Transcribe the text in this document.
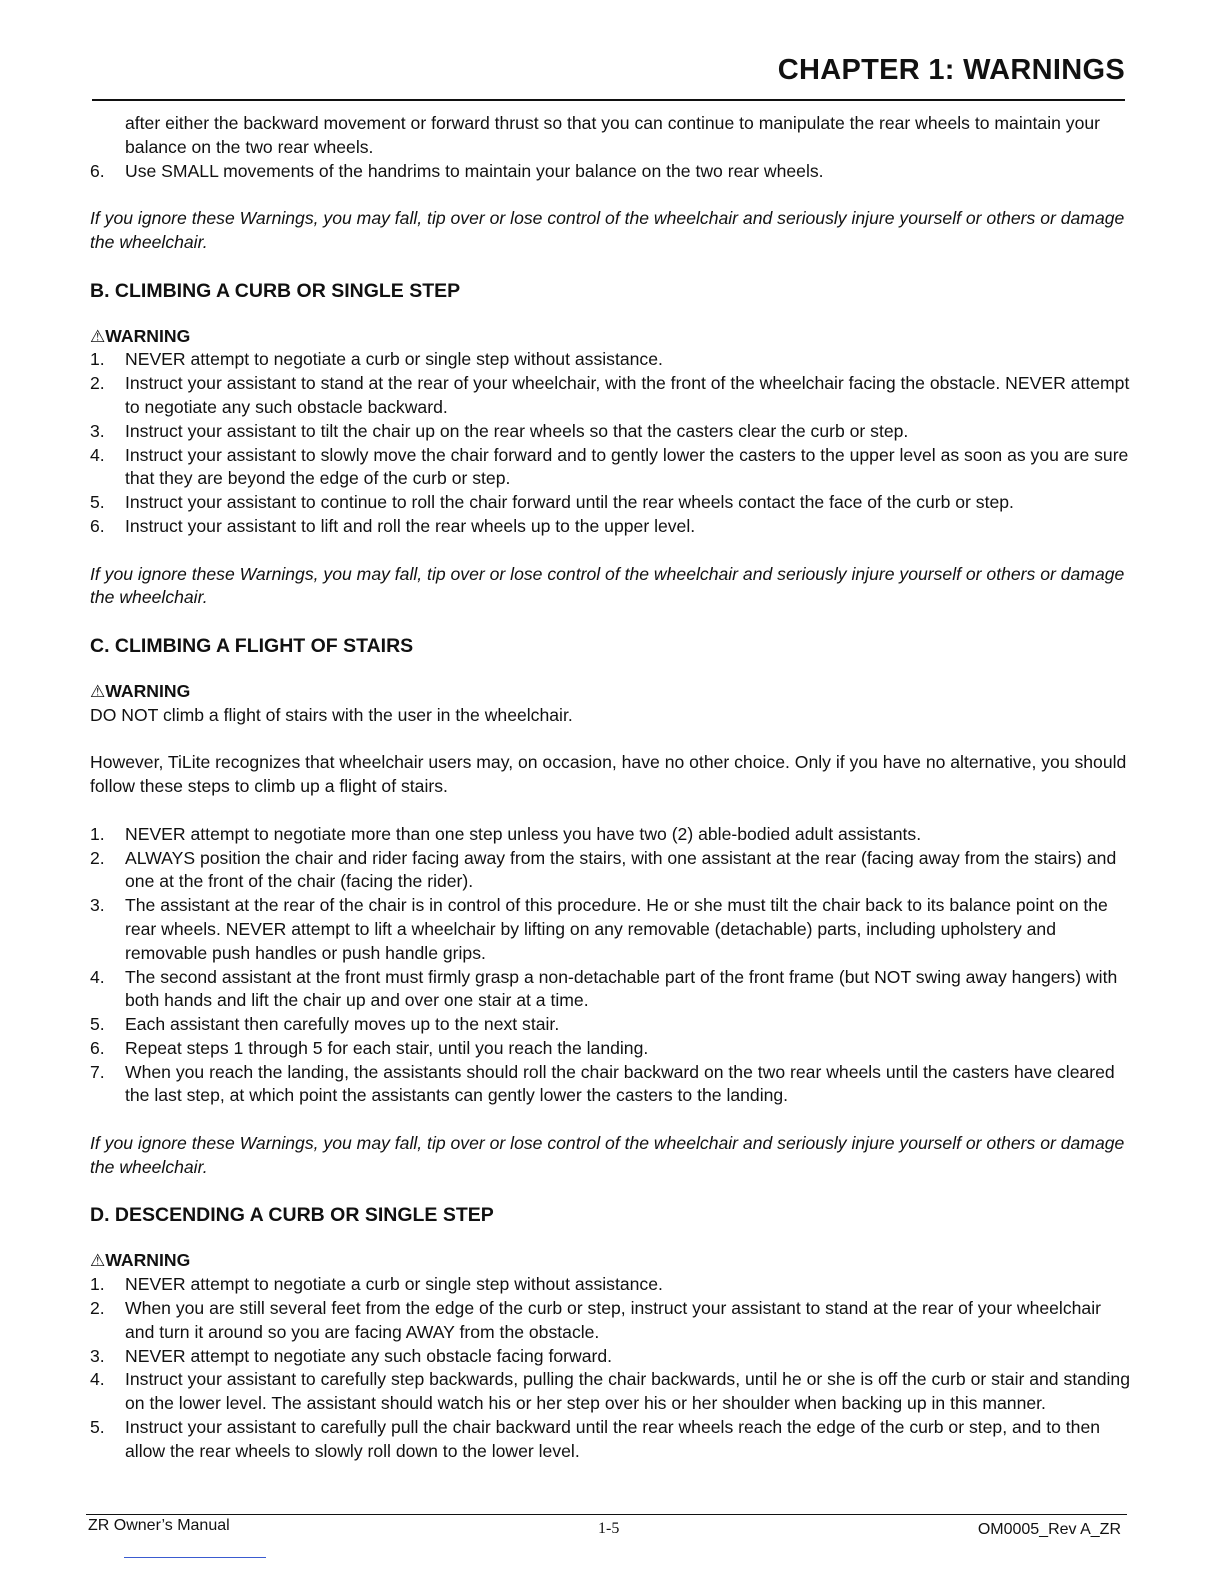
CHAPTER 1: WARNINGS
after either the backward movement or forward thrust so that you can continue to manipulate the rear wheels to maintain your balance on the two rear wheels.
6. Use SMALL movements of the handrims to maintain your balance on the two rear wheels.
If you ignore these Warnings, you may fall, tip over or lose control of the wheelchair and seriously injure yourself or others or damage the wheelchair.
B. CLIMBING A CURB OR SINGLE STEP
⚠WARNING
1. NEVER attempt to negotiate a curb or single step without assistance.
2. Instruct your assistant to stand at the rear of your wheelchair, with the front of the wheelchair facing the obstacle. NEVER attempt to negotiate any such obstacle backward.
3. Instruct your assistant to tilt the chair up on the rear wheels so that the casters clear the curb or step.
4. Instruct your assistant to slowly move the chair forward and to gently lower the casters to the upper level as soon as you are sure that they are beyond the edge of the curb or step.
5. Instruct your assistant to continue to roll the chair forward until the rear wheels contact the face of the curb or step.
6. Instruct your assistant to lift and roll the rear wheels up to the upper level.
If you ignore these Warnings, you may fall, tip over or lose control of the wheelchair and seriously injure yourself or others or damage the wheelchair.
C. CLIMBING A FLIGHT OF STAIRS
⚠WARNING
DO NOT climb a flight of stairs with the user in the wheelchair.
However, TiLite recognizes that wheelchair users may, on occasion, have no other choice. Only if you have no alternative, you should follow these steps to climb up a flight of stairs.
1. NEVER attempt to negotiate more than one step unless you have two (2) able-bodied adult assistants.
2. ALWAYS position the chair and rider facing away from the stairs, with one assistant at the rear (facing away from the stairs) and one at the front of the chair (facing the rider).
3. The assistant at the rear of the chair is in control of this procedure. He or she must tilt the chair back to its balance point on the rear wheels. NEVER attempt to lift a wheelchair by lifting on any removable (detachable) parts, including upholstery and removable push handles or push handle grips.
4. The second assistant at the front must firmly grasp a non-detachable part of the front frame (but NOT swing away hangers) with both hands and lift the chair up and over one stair at a time.
5. Each assistant then carefully moves up to the next stair.
6. Repeat steps 1 through 5 for each stair, until you reach the landing.
7. When you reach the landing, the assistants should roll the chair backward on the two rear wheels until the casters have cleared the last step, at which point the assistants can gently lower the casters to the landing.
If you ignore these Warnings, you may fall, tip over or lose control of the wheelchair and seriously injure yourself or others or damage the wheelchair.
D. DESCENDING A CURB OR SINGLE STEP
⚠WARNING
1. NEVER attempt to negotiate a curb or single step without assistance.
2. When you are still several feet from the edge of the curb or step, instruct your assistant to stand at the rear of your wheelchair and turn it around so you are facing AWAY from the obstacle.
3. NEVER attempt to negotiate any such obstacle facing forward.
4. Instruct your assistant to carefully step backwards, pulling the chair backwards, until he or she is off the curb or stair and standing on the lower level. The assistant should watch his or her step over his or her shoulder when backing up in this manner.
5. Instruct your assistant to carefully pull the chair backward until the rear wheels reach the edge of the curb or step, and to then allow the rear wheels to slowly roll down to the lower level.
ZR Owner’s Manual	1-5	OM0005_Rev A_ZR
